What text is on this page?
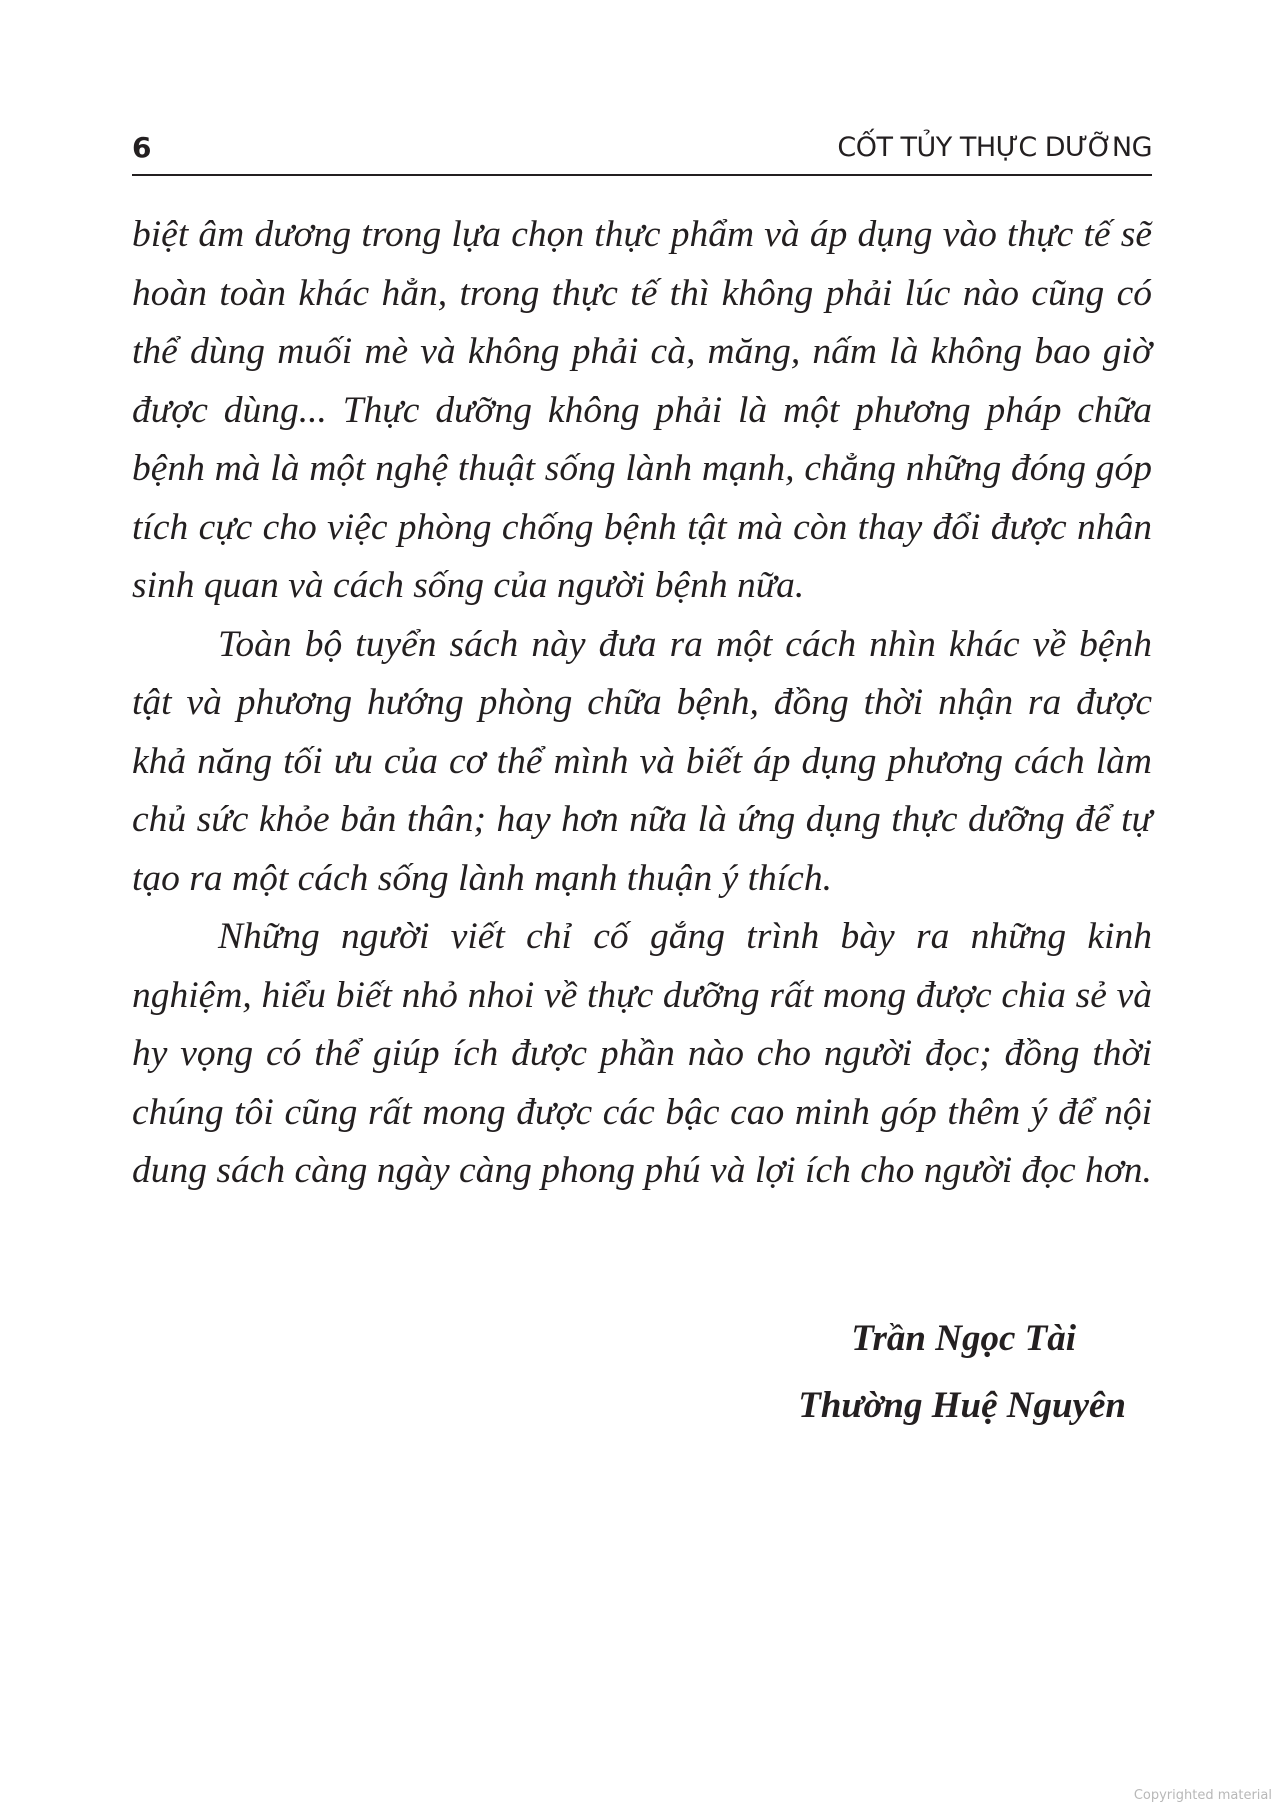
6	CỐT TỦY THỰC DƯỠNG

biệt âm dương trong lựa chọn thực phẩm và áp dụng vào thực tế sẽ hoàn toàn khác hẳn, trong thực tế thì không phải lúc nào cũng có thể dùng muối mè và không phải cà, măng, nấm là không bao giờ được dùng... Thực dưỡng không phải là một phương pháp chữa bệnh mà là một nghệ thuật sống lành mạnh, chẳng những đóng góp tích cực cho việc phòng chống bệnh tật mà còn thay đổi được nhân sinh quan và cách sống của người bệnh nữa.

Toàn bộ tuyển sách này đưa ra một cách nhìn khác về bệnh tật và phương hướng phòng chữa bệnh, đồng thời nhận ra được khả năng tối ưu của cơ thể mình và biết áp dụng phương cách làm chủ sức khỏe bản thân; hay hơn nữa là ứng dụng thực dưỡng để tự tạo ra một cách sống lành mạnh thuận ý thích.

Những người viết chỉ cố gắng trình bày ra những kinh nghiệm, hiểu biết nhỏ nhoi về thực dưỡng rất mong được chia sẻ và hy vọng có thể giúp ích được phần nào cho người đọc; đồng thời chúng tôi cũng rất mong được các bậc cao minh góp thêm ý để nội dung sách càng ngày càng phong phú và lợi ích cho người đọc hơn.

Trần Ngọc Tài
Thường Huệ Nguyên
Copyrighted material
